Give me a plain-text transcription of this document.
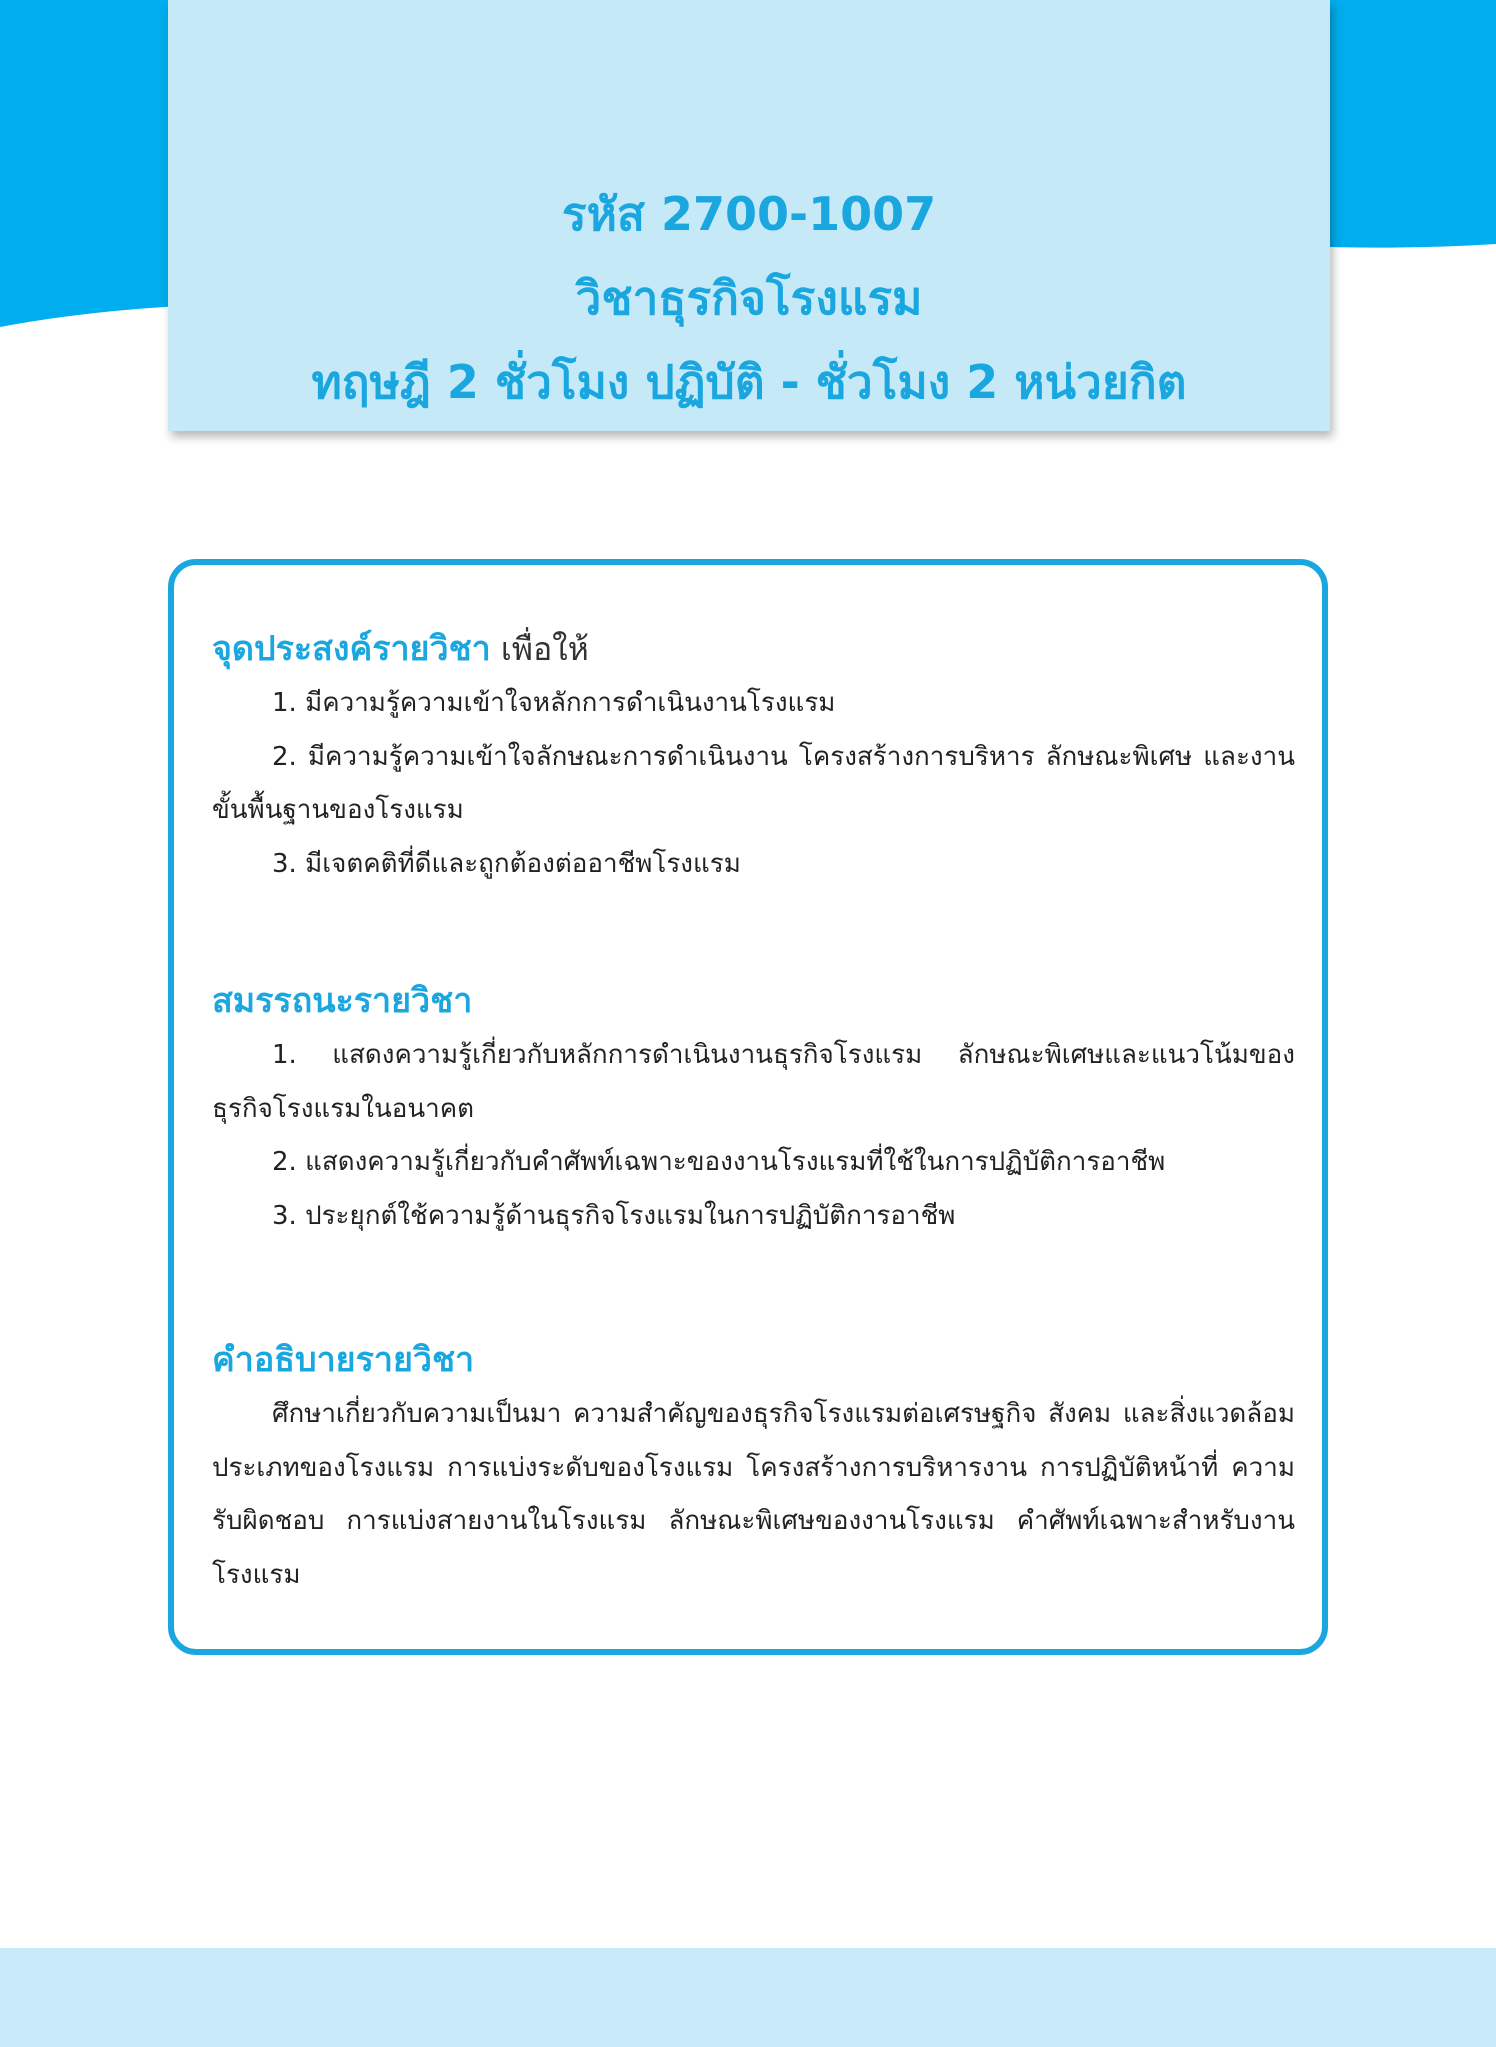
รหัส 2700-1007
วิชาธุรกิจโรงแรม
ทฤษฎี 2 ชั่วโมง ปฏิบัติ - ชั่วโมง 2 หน่วยกิต
จุดประสงค์รายวิชา เพื่อให้

1. มีความรู้ความเข้าใจหลักการดำเนินงานโรงแรม

2. มีความรู้ความเข้าใจลักษณะการดำเนินงาน โครงสร้างการบริหาร ลักษณะพิเศษ และงานขั้นพื้นฐานของโรงแรม

3. มีเจตคติที่ดีและถูกต้องต่ออาชีพโรงแรม

สมรรถนะรายวิชา

1. แสดงความรู้เกี่ยวกับหลักการดำเนินงานธุรกิจโรงแรม ลักษณะพิเศษและแนวโน้มของธุรกิจโรงแรมในอนาคต

2. แสดงความรู้เกี่ยวกับคำศัพท์เฉพาะของงานโรงแรมที่ใช้ในการปฏิบัติการอาชีพ

3. ประยุกต์ใช้ความรู้ด้านธุรกิจโรงแรมในการปฏิบัติการอาชีพ

คำอธิบายรายวิชา

ศึกษาเกี่ยวกับความเป็นมา ความสำคัญของธุรกิจโรงแรมต่อเศรษฐกิจ สังคม และสิ่งแวดล้อม ประเภทของโรงแรม การแบ่งระดับของโรงแรม โครงสร้างการบริหารงาน การปฏิบัติหน้าที่ ความรับผิดชอบ การแบ่งสายงานในโรงแรม ลักษณะพิเศษของงานโรงแรม คำศัพท์เฉพาะสำหรับงานโรงแรม
